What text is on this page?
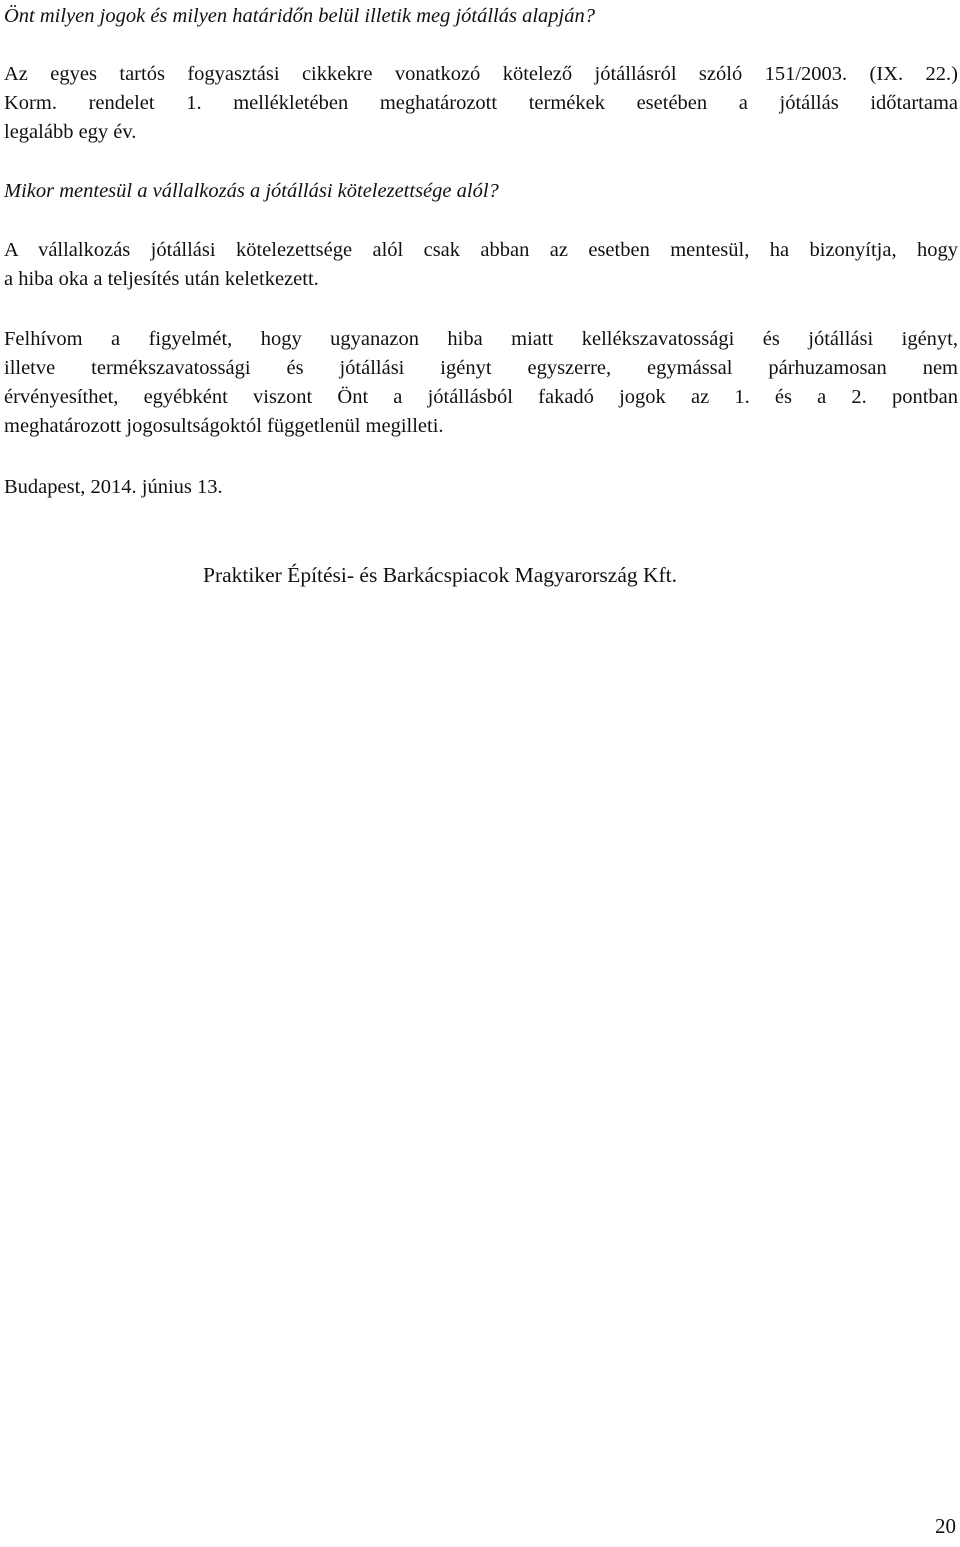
Önt milyen jogok és milyen határidőn belül illetik meg jótállás alapján?
Az egyes tartós fogyasztási cikkekre vonatkozó kötelező jótállásról szóló 151/2003. (IX. 22.)
Korm. rendelet 1. mellékletében meghatározott termékek esetében a jótállás időtartama
legalább egy év.
Mikor mentesül a vállalkozás a jótállási kötelezettsége alól?
A vállalkozás jótállási kötelezettsége alól csak abban az esetben mentesül, ha bizonyítja, hogy
a hiba oka a teljesítés után keletkezett.
Felhívom a figyelmét, hogy ugyanazon hiba miatt kellékszavatossági és jótállási igényt,
illetve termékszavatossági és jótállási igényt egyszerre, egymással párhuzamosan nem
érvényesíthet, egyébként viszont Önt a jótállásból fakadó jogok az 1. és a 2. pontban
meghatározott jogosultságoktól függetlenül megilleti.
Budapest, 2014. június 13.
Praktiker Építési- és Barkácspiacok Magyarország Kft.
20
